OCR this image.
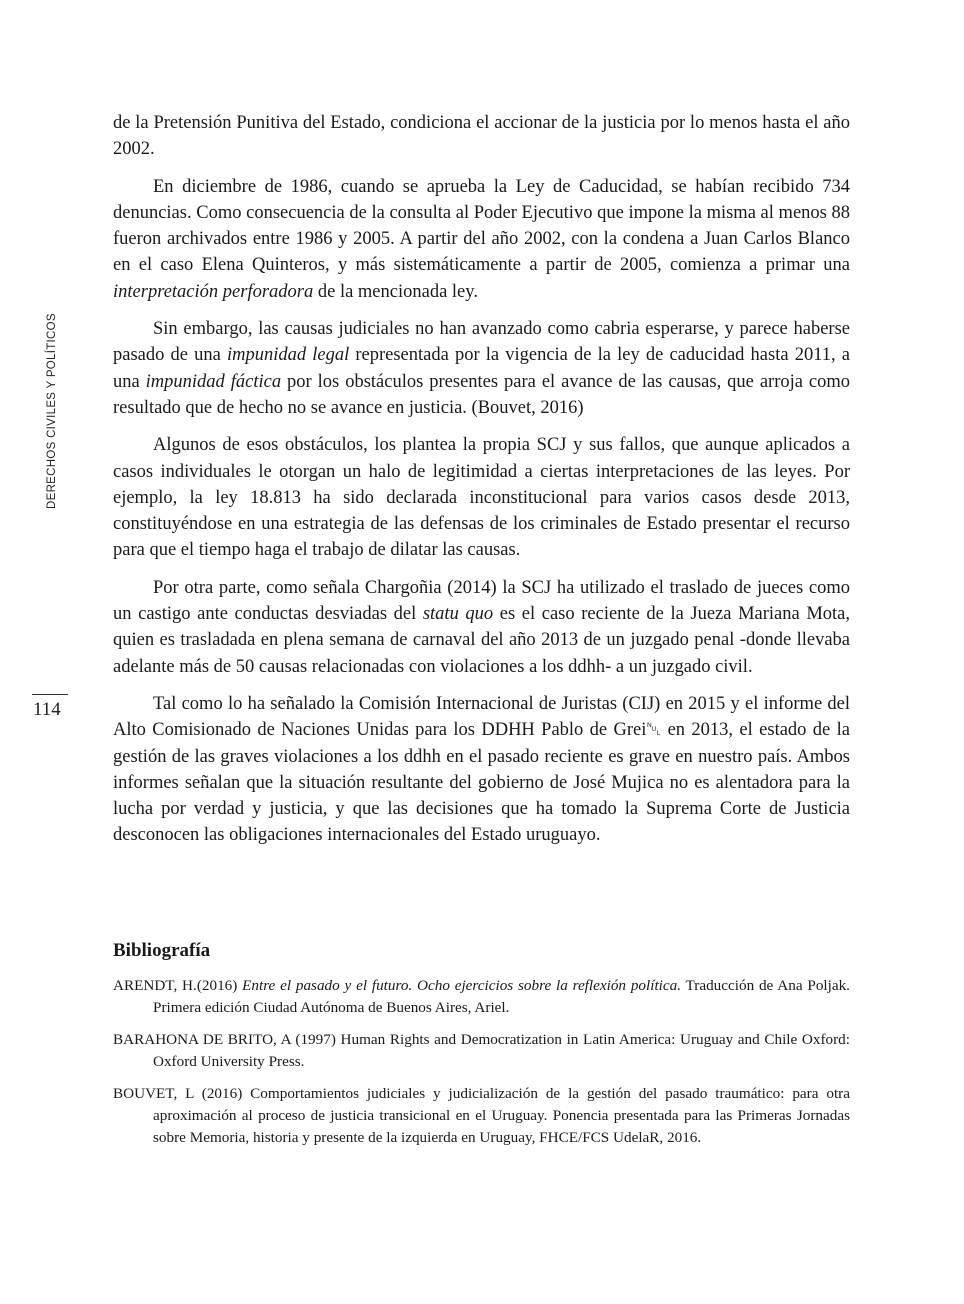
DERECHOS CIVILES Y POLÍTICOS
114

de la Pretensión Punitiva del Estado, condiciona el accionar de la justicia por lo menos hasta el año 2002.

En diciembre de 1986, cuando se aprueba la Ley de Caducidad, se habían recibido 734 denuncias. Como consecuencia de la consulta al Poder Ejecutivo que impone la misma al menos 88 fueron archivados entre 1986 y 2005. A partir del año 2002, con la condena a Juan Carlos Blanco en el caso Elena Quinteros, y más sistemáticamente a partir de 2005, comienza a primar una interpretación perforadora de la mencionada ley.

Sin embargo, las causas judiciales no han avanzado como cabria esperarse, y parece haberse pasado de una impunidad legal representada por la vigencia de la ley de caducidad hasta 2011, a una impunidad fáctica por los obstáculos presentes para el avance de las causas, que arroja como resultado que de hecho no se avance en justicia. (Bouvet, 2016)

Algunos de esos obstáculos, los plantea la propia SCJ y sus fallos, que aunque aplicados a casos individuales le otorgan un halo de legitimidad a ciertas interpretaciones de las leyes. Por ejemplo, la ley 18.813 ha sido declarada inconstitucional para varios casos desde 2013, constituyéndose en una estrategia de las defensas de los criminales de Estado presentar el recurso para que el tiempo haga el trabajo de dilatar las causas.

Por otra parte, como señala Chargoñia (2014) la SCJ ha utilizado el traslado de jueces como un castigo ante conductas desviadas del statu quo es el caso reciente de la Jueza Mariana Mota, quien es trasladada en plena semana de carnaval del año 2013 de un juzgado penal -donde llevaba adelante más de 50 causas relacionadas con violaciones a los ddhh- a un juzgado civil.

Tal como lo ha señalado la Comisión Internacional de Juristas (CIJ) en 2015 y el informe del Alto Comisionado de Naciones Unidas para los DDHH Pablo de Grei␀ en 2013, el estado de la gestión de las graves violaciones a los ddhh en el pasado reciente es grave en nuestro país. Ambos informes señalan que la situación resultante del gobierno de José Mujica no es alentadora para la lucha por verdad y justicia, y que las decisiones que ha tomado la Suprema Corte de Justicia desconocen las obligaciones internacionales del Estado uruguayo.

Bibliografía

ARENDT, H.(2016) Entre el pasado y el futuro. Ocho ejercicios sobre la reflexión política. Traducción de Ana Poljak. Primera edición Ciudad Autónoma de Buenos Aires, Ariel.

BARAHONA DE BRITO, A (1997) Human Rights and Democratization in Latin America: Uruguay and Chile Oxford: Oxford University Press.

BOUVET, L (2016) Comportamientos judiciales y judicialización de la gestión del pasado traumático: para otra aproximación al proceso de justicia transicional en el Uruguay. Ponencia presentada para las Primeras Jornadas sobre Memoria, historia y presente de la izquierda en Uruguay, FHCE/FCS UdelaR, 2016.
